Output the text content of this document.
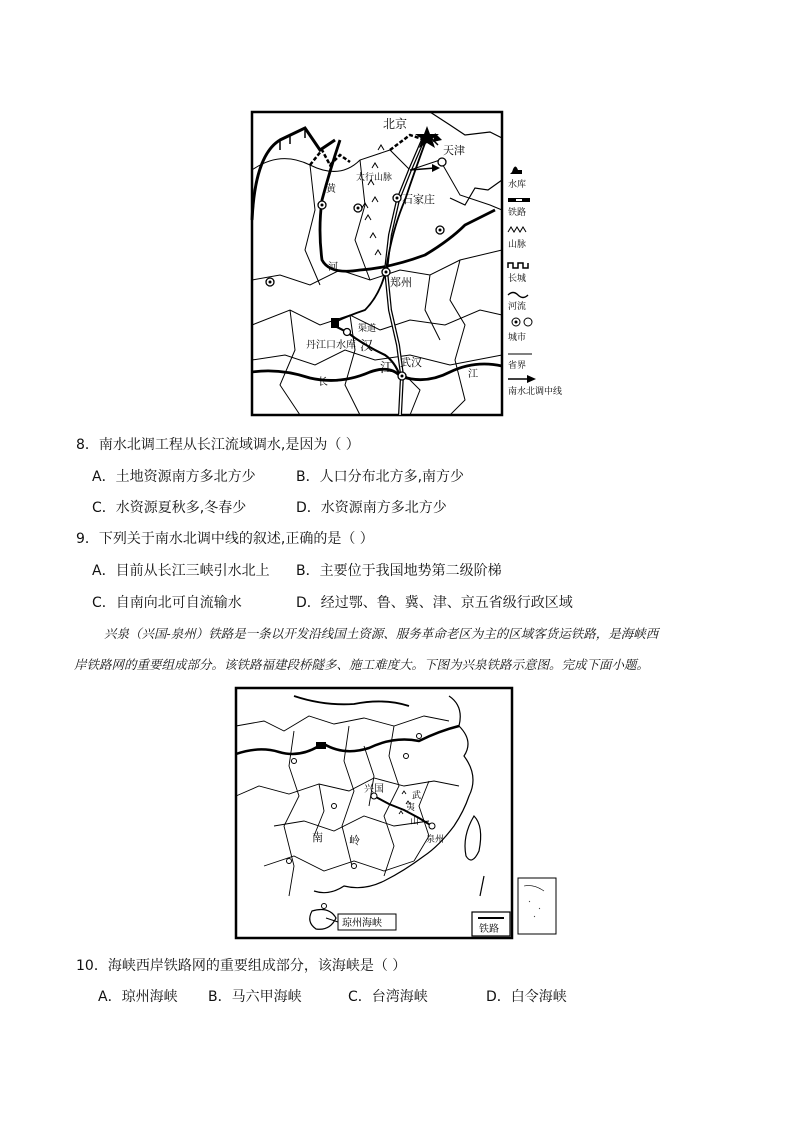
北京
天津
石家庄
郑州
武汉
丹江口水库
黄
河
太行山脉
渠道
汉
江
长
江
水库
铁路
山脉
长城
河流
城市
省界
南水北调中线
8．南水北调工程从长江流域调水,是因为（ ）
A．土地资源南方多北方少	B．人口分布北方多,南方少
C．水资源夏秋多,冬春少	D．水资源南方多北方少
9．下列关于南水北调中线的叙述,正确的是（ ）
A．目前从长江三峡引水北上 B．主要位于我国地势第二级阶梯
C．自南向北可自流输水	D．经过鄂、鲁、冀、津、京五省级行政区域
兴泉（兴国-泉州）铁路是一条以开发沿线国土资源、服务革命老区为主的区域客货运铁路，是海峡西
岸铁路网的重要组成部分。该铁路福建段桥隧多、施工难度大。下图为兴泉铁路示意图。完成下面小题。
兴国
武
夷
山
泉州
南 岭
琼州海峡
铁路
10．海峡西岸铁路网的重要组成部分，该海峡是（ ）
A．琼州海峡 B．马六甲海峡	C．台湾海峡	D．白令海峡
